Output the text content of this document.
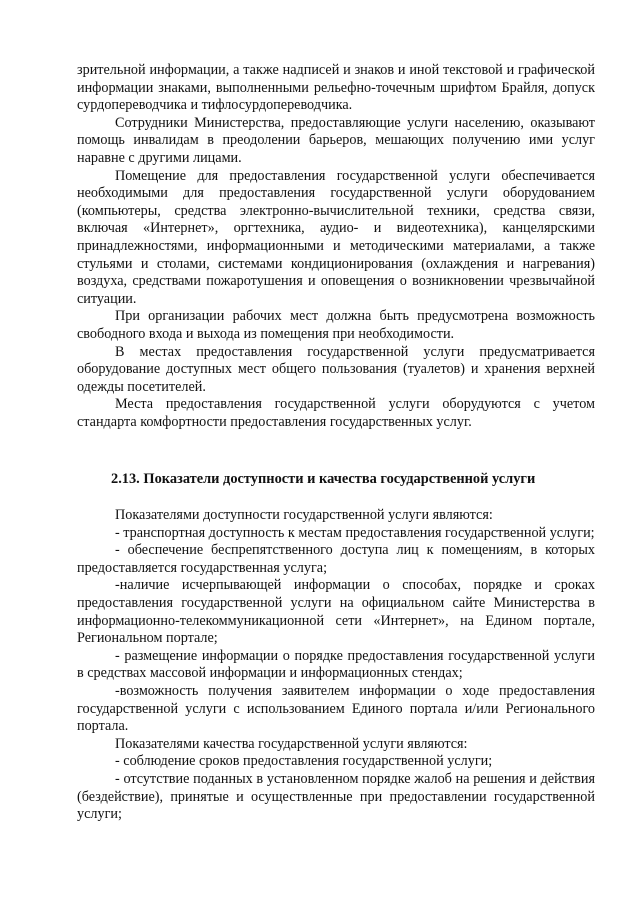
зрительной информации, а также надписей и знаков и иной текстовой и графической информации знаками, выполненными рельефно-точечным шрифтом Брайля, допуск сурдопереводчика и тифлосурдопереводчика.

Сотрудники Министерства, предоставляющие услуги населению, оказывают помощь инвалидам в преодолении барьеров, мешающих получению ими услуг наравне с другими лицами.

Помещение для предоставления государственной услуги обеспечивается необходимыми для предоставления государственной услуги оборудованием (компьютеры, средства электронно-вычислительной техники, средства связи, включая «Интернет», оргтехника, аудио- и видеотехника), канцелярскими принадлежностями, информационными и методическими материалами, а также стульями и столами, системами кондиционирования (охлаждения и нагревания) воздуха, средствами пожаротушения и оповещения о возникновении чрезвычайной ситуации.

При организации рабочих мест должна быть предусмотрена возможность свободного входа и выхода из помещения при необходимости.

В местах предоставления государственной услуги предусматривается оборудование доступных мест общего пользования (туалетов) и хранения верхней одежды посетителей.

Места предоставления государственной услуги оборудуются с учетом стандарта комфортности предоставления государственных услуг.

2.13. Показатели доступности и качества государственной услуги

Показателями доступности государственной услуги являются:

- транспортная доступность к местам предоставления государственной услуги;

- обеспечение беспрепятственного доступа лиц к помещениям, в которых предоставляется государственная услуга;

-наличие исчерпывающей информации о способах, порядке и сроках предоставления государственной услуги на официальном сайте Министерства в информационно-телекоммуникационной сети «Интернет», на Едином портале, Региональном портале;

- размещение информации о порядке предоставления государственной услуги в средствах массовой информации и информационных стендах;

-возможность получения заявителем информации о ходе предоставления государственной услуги с использованием Единого портала и/или Регионального портала.

Показателями качества государственной услуги являются:

- соблюдение сроков предоставления государственной услуги;

- отсутствие поданных в установленном порядке жалоб на решения и действия (бездействие), принятые и осуществленные при предоставлении государственной услуги;
